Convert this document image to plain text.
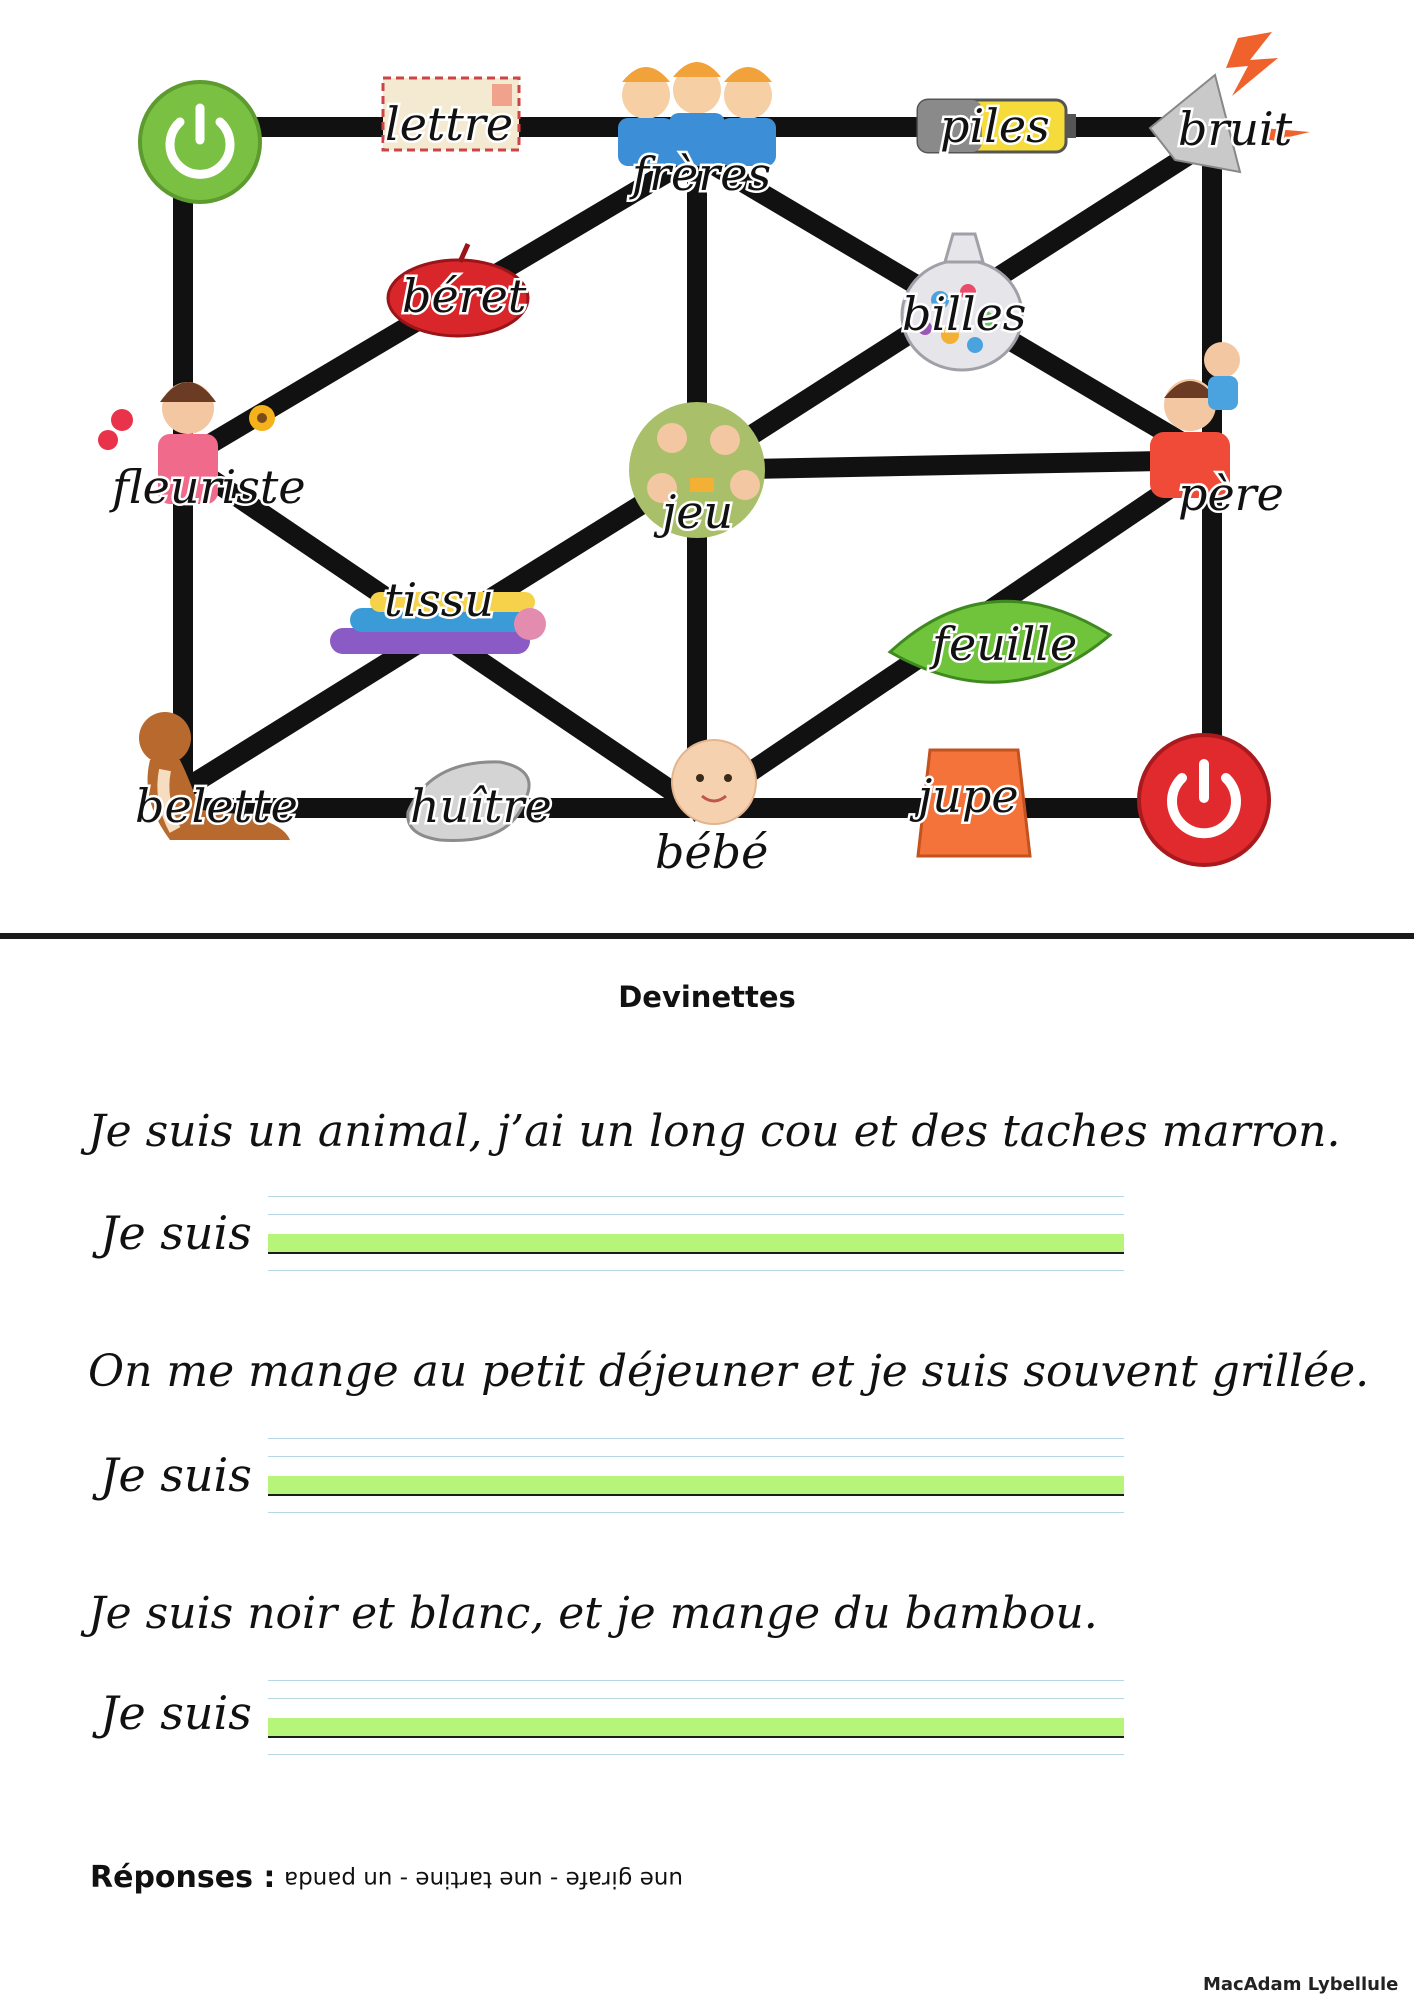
lettre
frères
piles	bruit
béret	billes
fleuriste	jeu	père
tissu
feuille
belette huître
bébé
jupe
Devinettes
Je suis un animal, j’ai un long cou et des taches marron.
Je suis
On me mange au petit déjeuner et je suis souvent grillée.
Je suis
Je suis noir et blanc, et je mange du bambou.
Je suis
Réponses : une girafe - une tartine - un panda
MacAdam Lybellule
